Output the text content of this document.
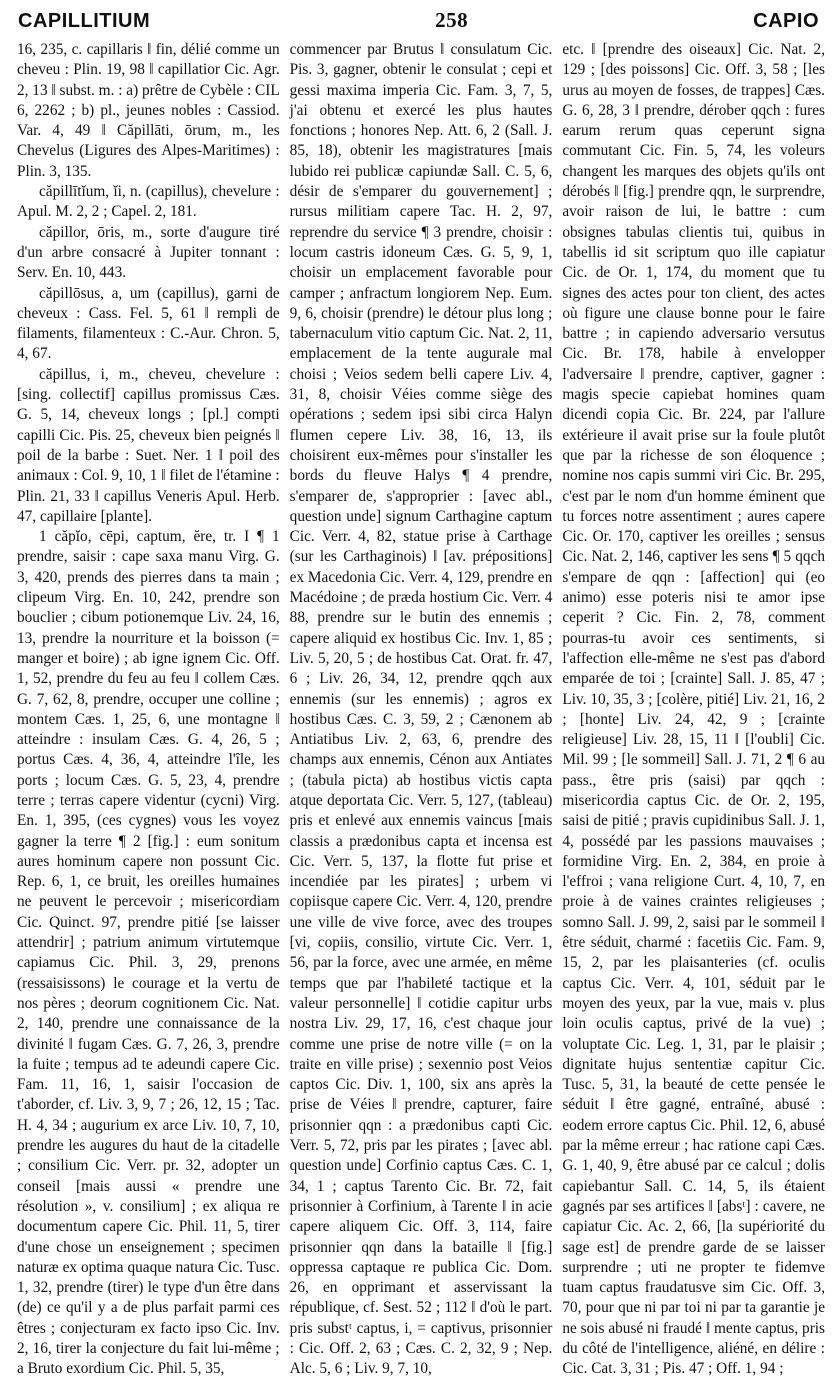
CAPILLITIUM	258	CAPIO

16, 235, c. capillaris ‖ fin, délié comme un cheveu : Plin. 19, 98 ‖ capillatior Cic. Agr. 2, 13 ‖ subst. m. : a) prêtre de Cybèle : CIL 6, 2262 ; b) pl., jeunes nobles : Cassiod. Var. 4, 49 ‖ Căpillāti, ōrum, m., les Chevelus (Ligures des Alpes-Maritimes) : Plin. 3, 135.

căpillītĭum, ĭi, n. (capillus), chevelure : Apul. M. 2, 2 ; Capel. 2, 181.

căpillor, ōris, m., sorte d'augure tiré d'un arbre consacré à Jupiter tonnant : Serv. En. 10, 443.

căpillōsus, a, um (capillus), garni de cheveux : Cass. Fel. 5, 61 ‖ rempli de filaments, filamenteux : C.-Aur. Chron. 5, 4, 67.

căpillus, i, m., cheveu, chevelure : [sing. collectif] capillus promissus Cæs. G. 5, 14, cheveux longs ; [pl.] compti capilli Cic. Pis. 25, cheveux bien peignés ‖ poil de la barbe : Suet. Ner. 1 ‖ poil des animaux : Col. 9, 10, 1 ‖ filet de l'étamine : Plin. 21, 33 ‖ capillus Veneris Apul. Herb. 47, capillaire [plante].

1 căpĭo, cēpi, captum, ĕre, tr. I ¶ 1 prendre, saisir : cape saxa manu Virg. G. 3, 420, prends des pierres dans ta main ; clipeum Virg. En. 10, 242, prendre son bouclier ; cibum potionemque Liv. 24, 16, 13, prendre la nourriture et la boisson (= manger et boire) ; ab igne ignem Cic. Off. 1, 52, prendre du feu au feu ‖ collem Cæs. G. 7, 62, 8, prendre, occuper une colline ; montem Cæs. 1, 25, 6, une montagne ‖ atteindre : insulam Cæs. G. 4, 26, 5 ; portus Cæs. 4, 36, 4, atteindre l'île, les ports ; locum Cæs. G. 5, 23, 4, prendre terre ; terras capere videntur (cycni) Virg. En. 1, 395, (ces cygnes) vous les voyez gagner la terre ¶ 2 [fig.] : eum sonitum aures hominum capere non possunt Cic. Rep. 6, 1, ce bruit, les oreilles humaines ne peuvent le percevoir ; misericordiam Cic. Quinct. 97, prendre pitié [se laisser attendrir] ; patrium animum virtutemque capiamus Cic. Phil. 3, 29, prenons (ressaisissons) le courage et la vertu de nos pères ; deorum cognitionem Cic. Nat. 2, 140, prendre une connaissance de la divinité ‖ fugam Cæs. G. 7, 26, 3, prendre la fuite ; tempus ad te adeundi capere Cic. Fam. 11, 16, 1, saisir l'occasion de t'aborder, cf. Liv. 3, 9, 7 ; 26, 12, 15 ; Tac. H. 4, 34 ; augurium ex arce Liv. 10, 7, 10, prendre les augures du haut de la citadelle ; consilium Cic. Verr. pr. 32, adopter un conseil [mais aussi « prendre une résolution », v. consilium] ; ex aliqua re documentum capere Cic. Phil. 11, 5, tirer d'une chose un enseignement ; specimen naturæ ex optima quaque natura Cic. Tusc. 1, 32, prendre (tirer) le type d'un être dans (de) ce qu'il y a de plus parfait parmi ces êtres ; conjecturam ex facto ipso Cic. Inv. 2, 16, tirer la conjecture du fait lui-même ; a Bruto exordium Cic. Phil. 5, 35,

commencer par Brutus ‖ consulatum Cic. Pis. 3, gagner, obtenir le consulat ; cepi et gessi maxima imperia Cic. Fam. 3, 7, 5, j'ai obtenu et exercé les plus hautes fonctions ; honores Nep. Att. 6, 2 (Sall. J. 85, 18), obtenir les magistratures [mais lubido rei publicæ capiundæ Sall. C. 5, 6, désir de s'emparer du gouvernement] ; rursus militiam capere Tac. H. 2, 97, reprendre du service ¶ 3 prendre, choisir : locum castris idoneum Cæs. G. 5, 9, 1, choisir un emplacement favorable pour camper ; anfractum longiorem Nep. Eum. 9, 6, choisir (prendre) le détour plus long ; tabernaculum vitio captum Cic. Nat. 2, 11, emplacement de la tente augurale mal choisi ; Veios sedem belli capere Liv. 4, 31, 8, choisir Véies comme siège des opérations ; sedem ipsi sibi circa Halyn flumen cepere Liv. 38, 16, 13, ils choisirent eux-mêmes pour s'installer les bords du fleuve Halys ¶ 4 prendre, s'emparer de, s'approprier : [avec abl., question unde] signum Carthagine captum Cic. Verr. 4, 82, statue prise à Carthage (sur les Carthaginois) ‖ [av. prépositions] ex Macedonia Cic. Verr. 4, 129, prendre en Macédoine ; de præda hostium Cic. Verr. 4 88, prendre sur le butin des ennemis ; capere aliquid ex hostibus Cic. Inv. 1, 85 ; Liv. 5, 20, 5 ; de hostibus Cat. Orat. fr. 47, 6 ; Liv. 26, 34, 12, prendre qqch aux ennemis (sur les ennemis) ; agros ex hostibus Cæs. C. 3, 59, 2 ; Cænonem ab Antiatibus Liv. 2, 63, 6, prendre des champs aux ennemis, Cénon aux Antiates ; (tabula picta) ab hostibus victis capta atque deportata Cic. Verr. 5, 127, (tableau) pris et enlevé aux ennemis vaincus [mais classis a prædonibus capta et incensa est Cic. Verr. 5, 137, la flotte fut prise et incendiée par les pirates] ; urbem vi copiisque capere Cic. Verr. 4, 120, prendre une ville de vive force, avec des troupes [vi, copiis, consilio, virtute Cic. Verr. 1, 56, par la force, avec une armée, en même temps que par l'habileté tactique et la valeur personnelle] ‖ cotidie capitur urbs nostra Liv. 29, 17, 16, c'est chaque jour comme une prise de notre ville (= on la traite en ville prise) ; sexennio post Veios captos Cic. Div. 1, 100, six ans après la prise de Véies ‖ prendre, capturer, faire prisonnier qqn : a prædonibus capti Cic. Verr. 5, 72, pris par les pirates ; [avec abl. question unde] Corfinio captus Cæs. C. 1, 34, 1 ; captus Tarento Cic. Br. 72, fait prisonnier à Corfinium, à Tarente ‖ in acie capere aliquem Cic. Off. 3, 114, faire prisonnier qqn dans la bataille ‖ [fig.] oppressa captaque re publica Cic. Dom. 26, en opprimant et asservissant la république, cf. Sest. 52 ; 112 ‖ d'où le part. pris substᵗ captus, i, = captivus, prisonnier : Cic. Off. 2, 63 ; Cæs. C. 2, 32, 9 ; Nep. Alc. 5, 6 ; Liv. 9, 7, 10,

etc. ‖ [prendre des oiseaux] Cic. Nat. 2, 129 ; [des poissons] Cic. Off. 3, 58 ; [les urus au moyen de fosses, de trappes] Cæs. G. 6, 28, 3 ‖ prendre, dérober qqch : fures earum rerum quas ceperunt signa commutant Cic. Fin. 5, 74, les voleurs changent les marques des objets qu'ils ont dérobés ‖ [fig.] prendre qqn, le surprendre, avoir raison de lui, le battre : cum obsignes tabulas clientis tui, quibus in tabellis id sit scriptum quo ille capiatur Cic. de Or. 1, 174, du moment que tu signes des actes pour ton client, des actes où figure une clause bonne pour le faire battre ; in capiendo adversario versutus Cic. Br. 178, habile à envelopper l'adversaire ‖ prendre, captiver, gagner : magis specie capiebat homines quam dicendi copia Cic. Br. 224, par l'allure extérieure il avait prise sur la foule plutôt que par la richesse de son éloquence ; nomine nos capis summi viri Cic. Br. 295, c'est par le nom d'un homme éminent que tu forces notre assentiment ; aures capere Cic. Or. 170, captiver les oreilles ; sensus Cic. Nat. 2, 146, captiver les sens ¶ 5 qqch s'empare de qqn : [affection] qui (eo animo) esse poteris nisi te amor ipse ceperit ? Cic. Fin. 2, 78, comment pourras-tu avoir ces sentiments, si l'affection elle-même ne s'est pas d'abord emparée de toi ; [crainte] Sall. J. 85, 47 ; Liv. 10, 35, 3 ; [colère, pitié] Liv. 21, 16, 2 ; [honte] Liv. 24, 42, 9 ; [crainte religieuse] Liv. 28, 15, 11 ‖ [l'oubli] Cic. Mil. 99 ; [le sommeil] Sall. J. 71, 2 ¶ 6 au pass., être pris (saisi) par qqch : misericordia captus Cic. de Or. 2, 195, saisi de pitié ; pravis cupidinibus Sall. J. 1, 4, possédé par les passions mauvaises ; formidine Virg. En. 2, 384, en proie à l'effroi ; vana religione Curt. 4, 10, 7, en proie à de vaines craintes religieuses ; somno Sall. J. 99, 2, saisi par le sommeil ‖ être séduit, charmé : facetiis Cic. Fam. 9, 15, 2, par les plaisanteries (cf. oculis captus Cic. Verr. 4, 101, séduit par le moyen des yeux, par la vue, mais v. plus loin oculis captus, privé de la vue) ; voluptate Cic. Leg. 1, 31, par le plaisir ; dignitate hujus sententiæ capitur Cic. Tusc. 5, 31, la beauté de cette pensée le séduit ‖ être gagné, entraîné, abusé : eodem errore captus Cic. Phil. 12, 6, abusé par la même erreur ; hac ratione capi Cæs. G. 1, 40, 9, être abusé par ce calcul ; dolis capiebantur Sall. C. 14, 5, ils étaient gagnés par ses artifices ‖ [absᵗ] : cavere, ne capiatur Cic. Ac. 2, 66, [la supériorité du sage est] de prendre garde de se laisser surprendre ; uti ne propter te fidemve tuam captus fraudatusve sim Cic. Off. 3, 70, pour que ni par toi ni par ta garantie je ne sois abusé ni fraudé ‖ mente captus, pris du côté de l'intelligence, aliéné, en délire : Cic. Cat. 3, 31 ; Pis. 47 ; Off. 1, 94 ;
